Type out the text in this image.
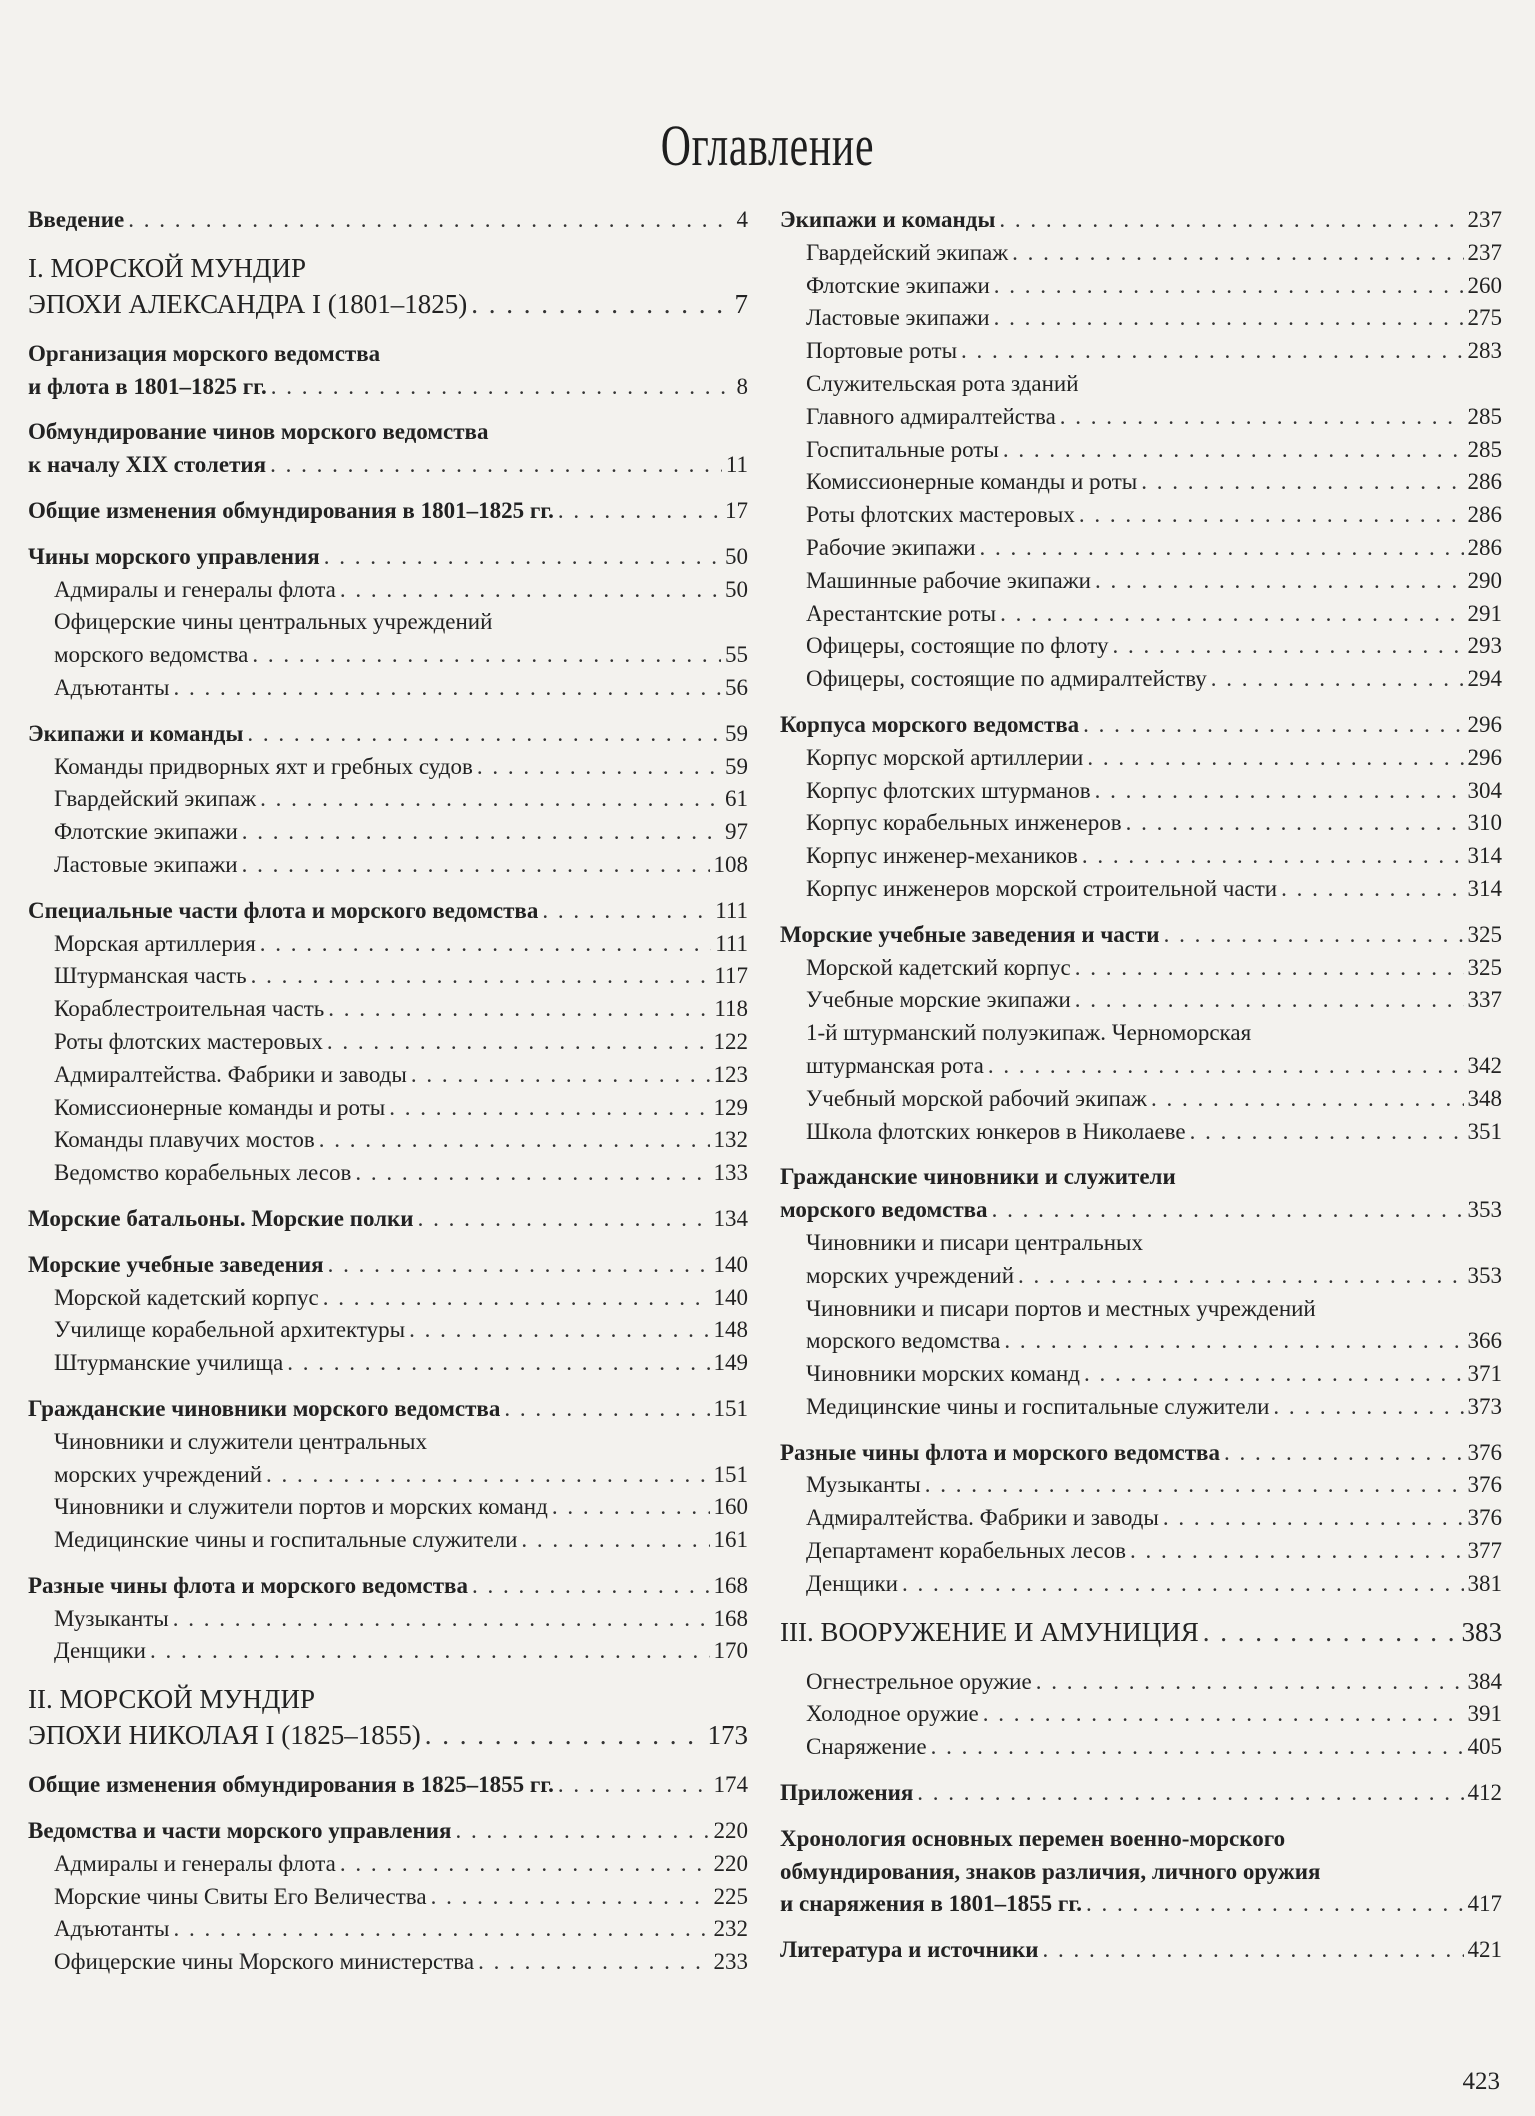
Оглавление
Введение . . .	4
I. МОРСКОЙ МУНДИР
ЭПОХИ АЛЕКСАНДРА I (1801–1825) . . .	7
Организация морского ведомства
и флота в 1801–1825 гг. . . .	8
Обмундирование чинов морского ведомства
к началу XIX столетия . . .	11
Общие изменения обмундирования в 1801–1825 гг. . . .	17
Чины морского управления . . .	50
Адмиралы и генералы флота . . .	50
Офицерские чины центральных учреждений
морского ведомства . . .	55
Адъютанты . . .	56
Экипажи и команды . . .	59
Команды придворных яхт и гребных судов . . .	59
Гвардейский экипаж . . .	61
Флотские экипажи . . .	97
Ластовые экипажи . . .	108
Специальные части флота и морского ведомства . . .	111
Морская артиллерия . . .	111
Штурманская часть . . .	117
Кораблестроительная часть . . .	118
Роты флотских мастеровых . . .	122
Адмиралтейства. Фабрики и заводы . . .	123
Комиссионерные команды и роты . . .	129
Команды плавучих мостов . . .	132
Ведомство корабельных лесов . . .	133
Морские батальоны. Морские полки . . .	134
Морские учебные заведения . . .	140
Морской кадетский корпус . . .	140
Училище корабельной архитектуры . . .	148
Штурманские училища . . .	149
Гражданские чиновники морского ведомства . . .	151
Чиновники и служители центральных
морских учреждений . . .	151
Чиновники и служители портов и морских команд . . .	160
Медицинские чины и госпитальные служители . . .	161
Разные чины флота и морского ведомства . . .	168
Музыканты . . .	168
Денщики . . .	170
II. МОРСКОЙ МУНДИР
ЭПОХИ НИКОЛАЯ I (1825–1855) . . .	173
Общие изменения обмундирования в 1825–1855 гг. . . .	174
Ведомства и части морского управления . . .	220
Адмиралы и генералы флота . . .	220
Морские чины Свиты Его Величества . . .	225
Адъютанты . . .	232
Офицерские чины Морского министерства . . .	233
Экипажи и команды . . .	237
Гвардейский экипаж . . .	237
Флотские экипажи . . .	260
Ластовые экипажи . . .	275
Портовые роты . . .	283
Служительская рота зданий
Главного адмиралтейства . . .	285
Госпитальные роты . . .	285
Комиссионерные команды и роты . . .	286
Роты флотских мастеровых . . .	286
Рабочие экипажи . . .	286
Машинные рабочие экипажи . . .	290
Арестантские роты . . .	291
Офицеры, состоящие по флоту . . .	293
Офицеры, состоящие по адмиралтейству . . .	294
Корпуса морского ведомства . . .	296
Корпус морской артиллерии . . .	296
Корпус флотских штурманов . . .	304
Корпус корабельных инженеров . . .	310
Корпус инженер-механиков . . .	314
Корпус инженеров морской строительной части . . .	314
Морские учебные заведения и части . . .	325
Морской кадетский корпус . . .	325
Учебные морские экипажи . . .	337
1-й штурманский полуэкипаж. Черноморская
штурманская рота . . .	342
Учебный морской рабочий экипаж . . .	348
Школа флотских юнкеров в Николаеве . . .	351
Гражданские чиновники и служители
морского ведомства . . .	353
Чиновники и писари центральных
морских учреждений . . .	353
Чиновники и писари портов и местных учреждений
морского ведомства . . .	366
Чиновники морских команд . . .	371
Медицинские чины и госпитальные служители . . .	373
Разные чины флота и морского ведомства . . .	376
Музыканты . . .	376
Адмиралтейства. Фабрики и заводы . . .	376
Департамент корабельных лесов . . .	377
Денщики . . .	381
III. ВООРУЖЕНИЕ И АМУНИЦИЯ . . .	383
Огнестрельное оружие . . .	384
Холодное оружие . . .	391
Снаряжение . . .	405
Приложения . . .	412
Хронология основных перемен военно-морского
обмундирования, знаков различия, личного оружия
и снаряжения в 1801–1855 гг. . . .	417
Литература и источники . . .	421
423
